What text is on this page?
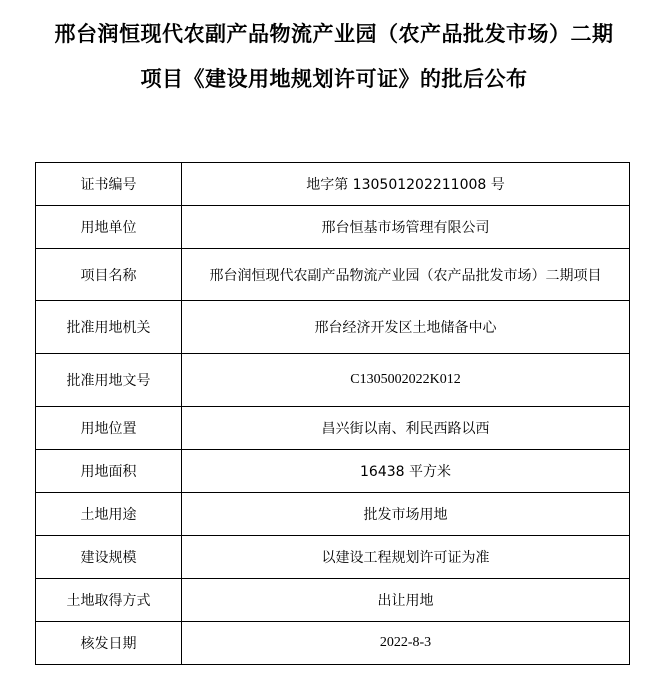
邢台润恒现代农副产品物流产业园（农产品批发市场）二期
项目《建设用地规划许可证》的批后公布
证书编号	地字第 130501202211008 号
用地单位	邢台恒基市场管理有限公司
项目名称	邢台润恒现代农副产品物流产业园（农产品批发市场）二期项目
批准用地机关	邢台经济开发区土地储备中心
批准用地文号	C1305002022K012
用地位置	昌兴街以南、利民西路以西
用地面积	16438 平方米
土地用途	批发市场用地
建设规模	以建设工程规划许可证为准
土地取得方式	出让用地
核发日期	2022-8-3
